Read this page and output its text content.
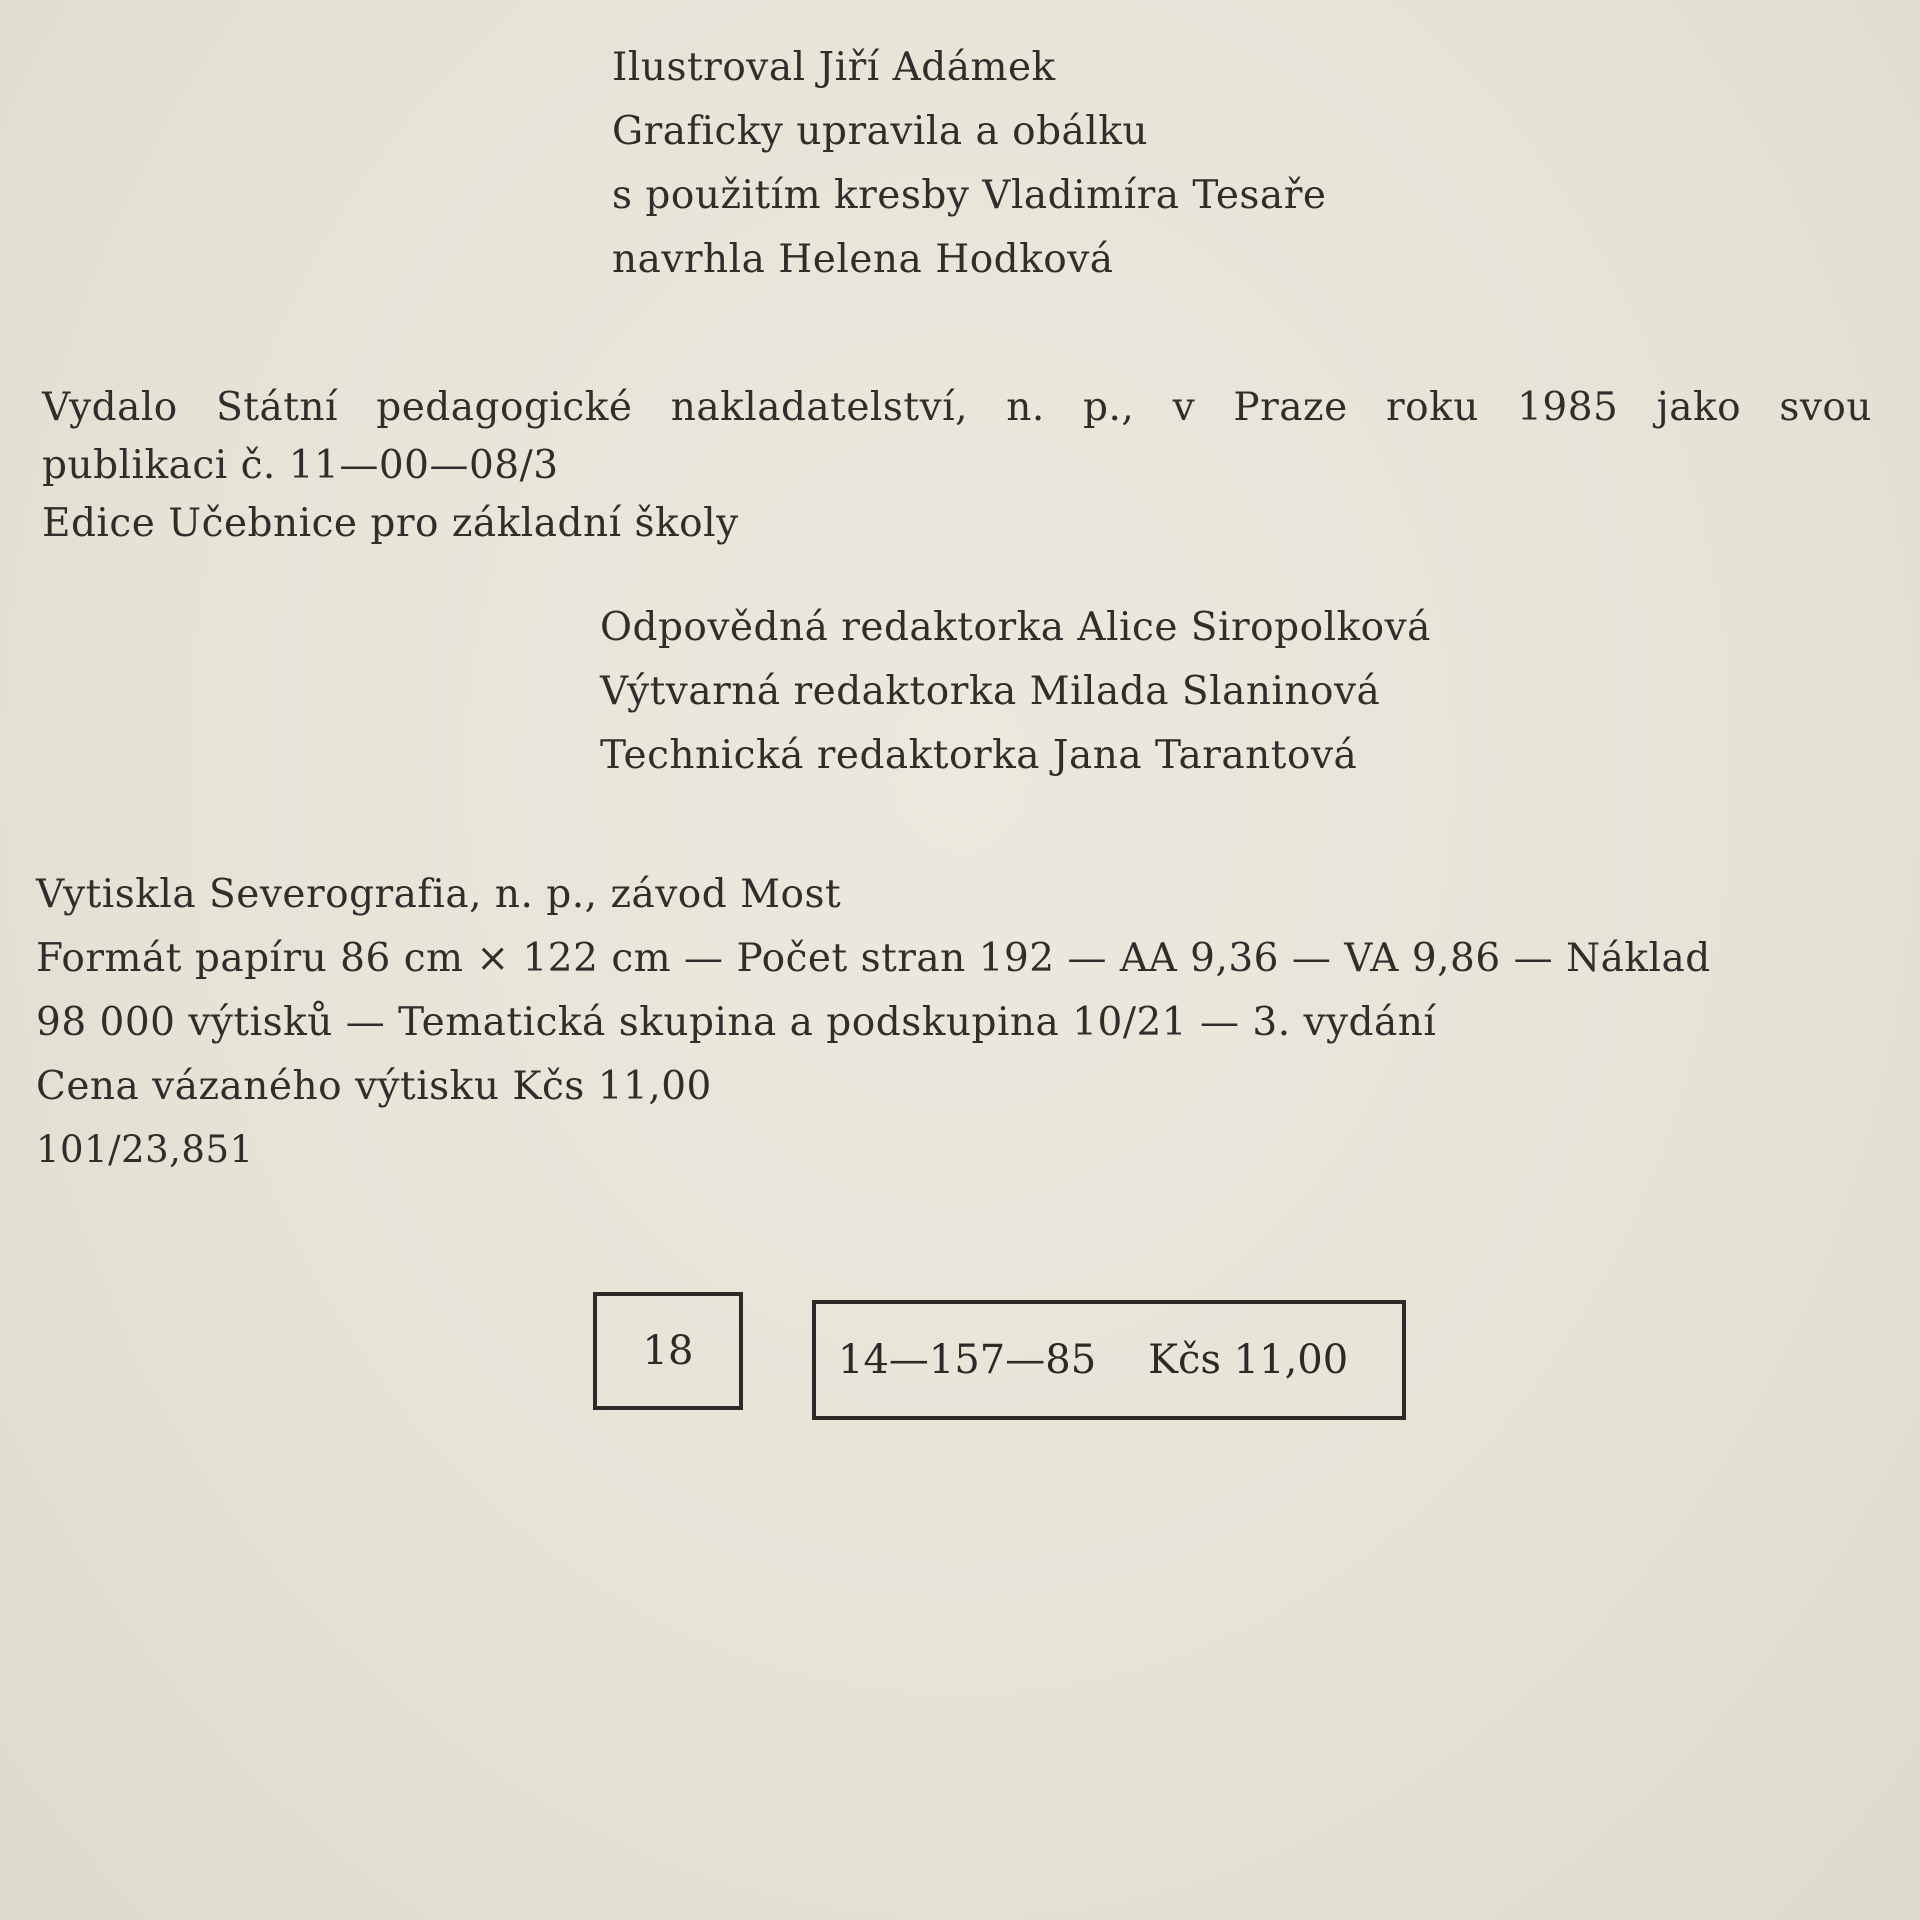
Ilustroval Jiří Adámek
Graficky upravila a obálku
s použitím kresby Vladimíra Tesaře
navrhla Helena Hodková
Vydalo Státní pedagogické nakladatelství, n. p., v Praze roku 1985 jako svou
publikaci č. 11—00—08/3
Edice Učebnice pro základní školy
Odpovědná redaktorka Alice Siropolková
Výtvarná redaktorka Milada Slaninová
Technická redaktorka Jana Tarantová
Vytiskla Severografia, n. p., závod Most
Formát papíru 86 cm × 122 cm — Počet stran 192 — AA 9,36 — VA 9,86 — Náklad
98 000 výtisků — Tematická skupina a podskupina 10/21 — 3. vydání
Cena vázaného výtisku Kčs 11,00
101/23,851
18	14—157—85 Kčs 11,00
